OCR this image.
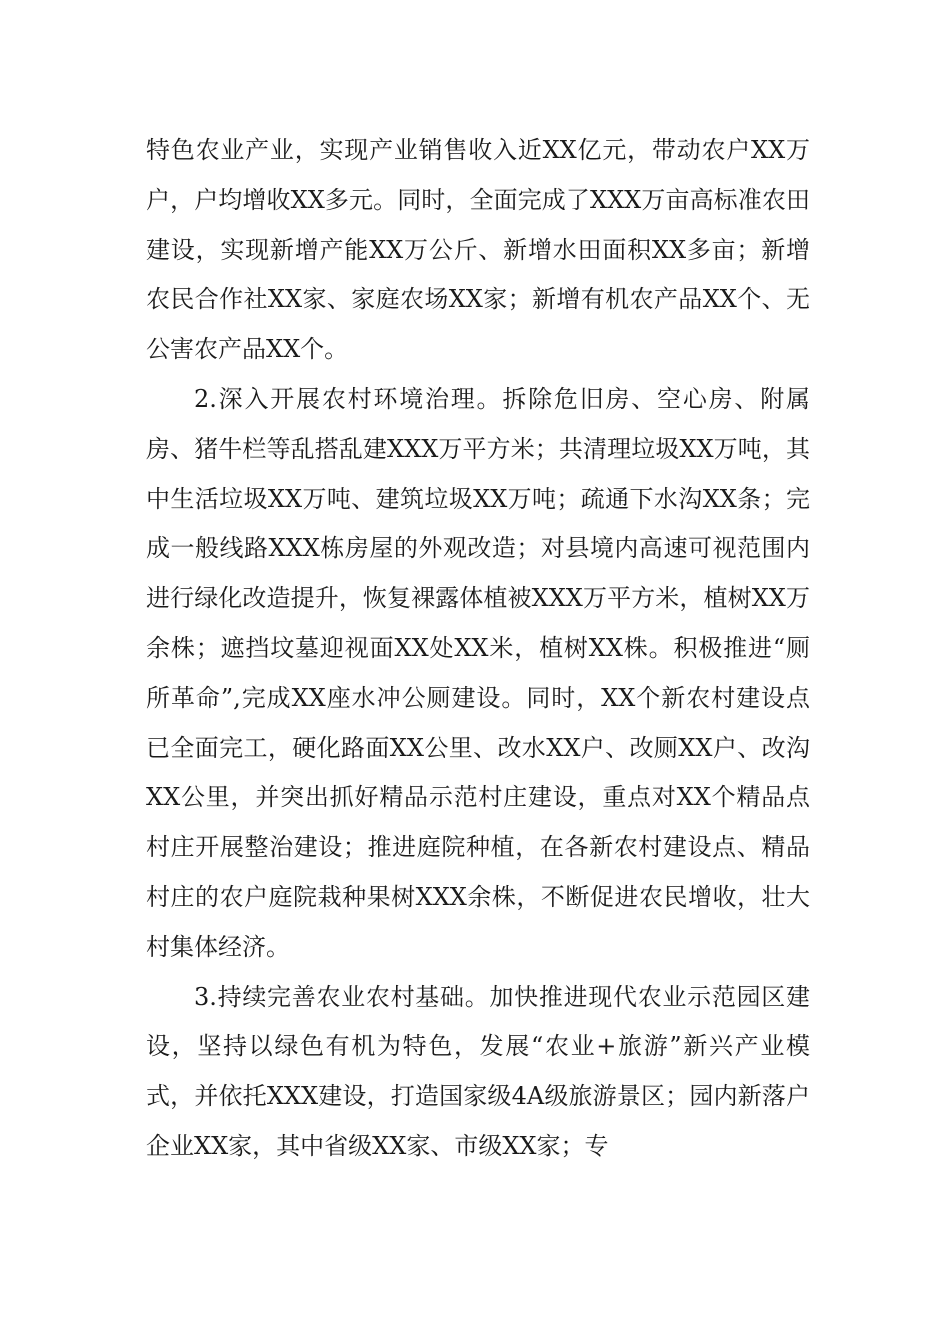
特色农业产业，实现产业销售收入近XX亿元，带动农户XX万户，户均增收XX多元。同时，全面完成了XXX万亩高标准农田建设，实现新增产能XX万公斤、新增水田面积XX多亩；新增农民合作社XX家、家庭农场XX家；新增有机农产品XX个、无公害农产品XX个。

2.深入开展农村环境治理。拆除危旧房、空心房、附属房、猪牛栏等乱搭乱建XXX万平方米；共清理垃圾XX万吨，其中生活垃圾XX万吨、建筑垃圾XX万吨；疏通下水沟XX条；完成一般线路XXX栋房屋的外观改造；对县境内高速可视范围内进行绿化改造提升，恢复裸露体植被XXX万平方米，植树XX万余株；遮挡坟墓迎视面XX处XX米，植树XX株。积极推进“厕所革命”,完成XX座水冲公厕建设。同时，XX个新农村建设点已全面完工，硬化路面XX公里、改水XX户、改厕XX户、改沟XX公里，并突出抓好精品示范村庄建设，重点对XX个精品点村庄开展整治建设；推进庭院种植，在各新农村建设点、精品村庄的农户庭院栽种果树XXX余株，不断促进农民增收，壮大村集体经济。

3.持续完善农业农村基础。加快推进现代农业示范园区建设，坚持以绿色有机为特色，发展“农业+旅游”新兴产业模式，并依托XXX建设，打造国家级4A级旅游景区；园内新落户企业XX家，其中省级XX家、市级XX家；专
